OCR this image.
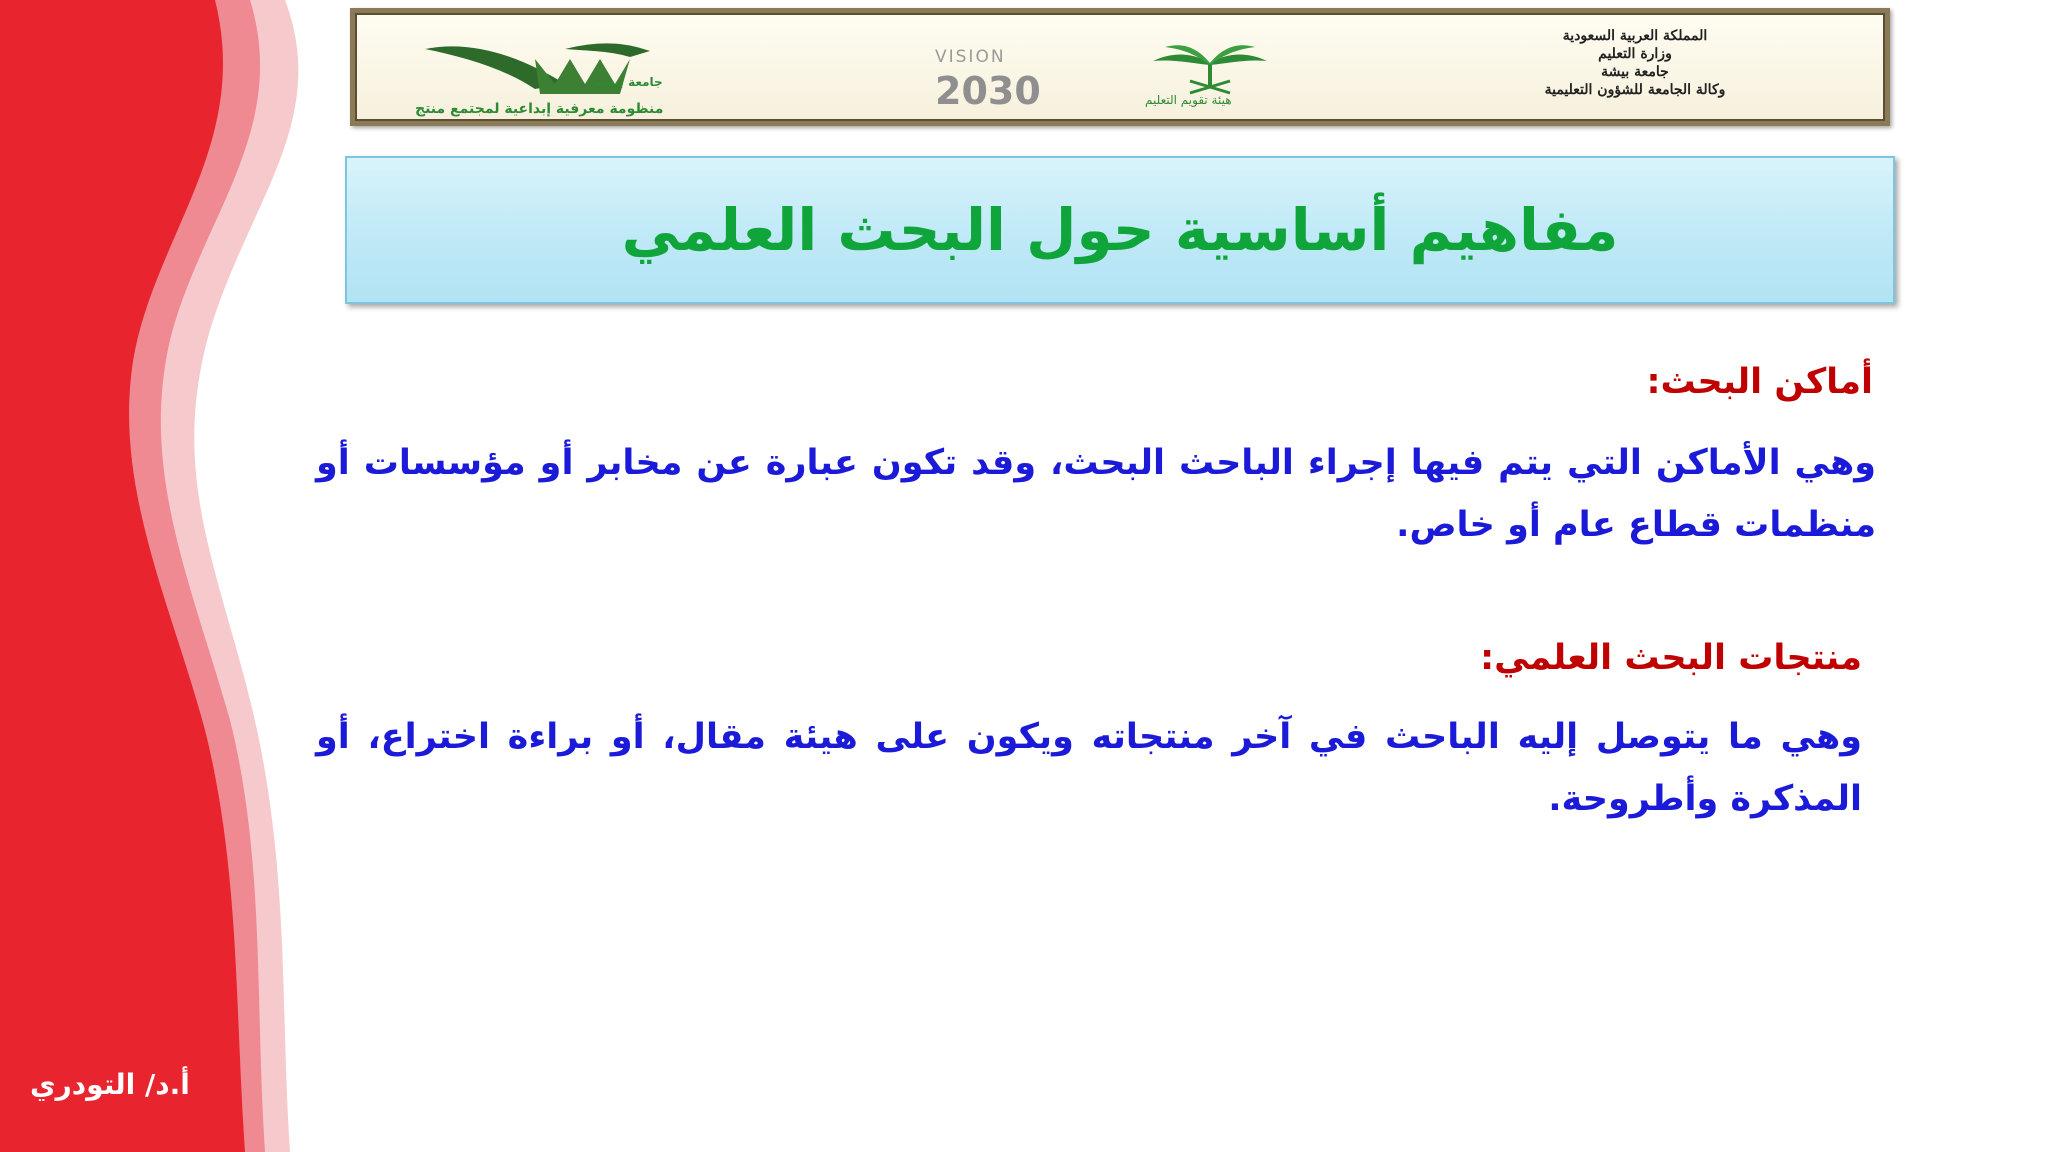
أ.د/ التودري
جامعة بيشة
منظومة معرفية إبداعية لمجتمع منتج
VISION
2030	هيئة تقويم التعليم
المملكة العربية السعودية
وزارة التعليم
جامعة بيشة
وكالة الجامعة للشؤون التعليمية
مفاهيم أساسية حول البحث العلمي
أماكن البحث:
وهي الأماكن التي يتم فيها إجراء الباحث البحث، وقد تكون عبارة عن مخابر أو مؤسسات أو منظمات قطاع عام أو خاص.
منتجات البحث العلمي:
وهي ما يتوصل إليه الباحث في آخر منتجاته ويكون على هيئة مقال، أو براءة اختراع، أو المذكرة وأطروحة.
